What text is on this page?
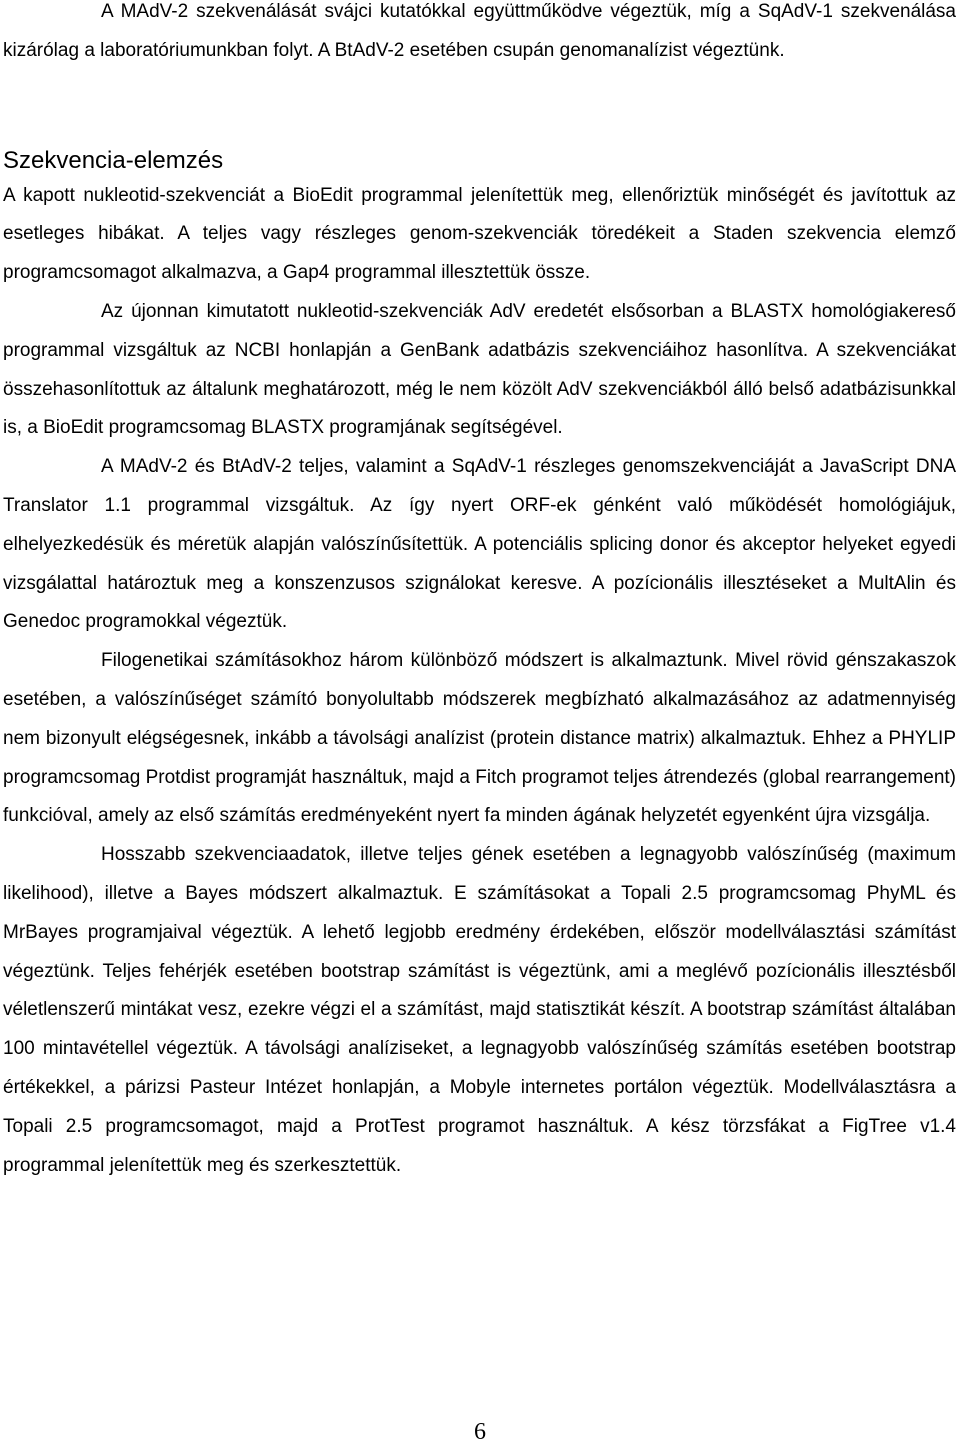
A MAdV-2 szekvenálását svájci kutatókkal együttműködve végeztük, míg a SqAdV-1 szekvenálása kizárólag a laboratóriumunkban folyt. A BtAdV-2 esetében csupán genomanalízist végeztünk.

Szekvencia-elemzés

A kapott nukleotid-szekvenciát a BioEdit programmal jelenítettük meg, ellenőriztük minőségét és javítottuk az esetleges hibákat. A teljes vagy részleges genom-szekvenciák töredékeit a Staden szekvencia elemző programcsomagot alkalmazva, a Gap4 programmal illesztettük össze.

Az újonnan kimutatott nukleotid-szekvenciák AdV eredetét elsősorban a BLASTX homológiakereső programmal vizsgáltuk az NCBI honlapján a GenBank adatbázis szekvenciáihoz hasonlítva. A szekvenciákat összehasonlítottuk az általunk meghatározott, még le nem közölt AdV szekvenciákból álló belső adatbázisunkkal is, a BioEdit programcsomag BLASTX programjának segítségével.

A MAdV-2 és BtAdV-2 teljes, valamint a SqAdV-1 részleges genomszekvenciáját a JavaScript DNA Translator 1.1 programmal vizsgáltuk. Az így nyert ORF-ek génként való működését homológiájuk, elhelyezkedésük és méretük alapján valószínűsítettük. A potenciális splicing donor és akceptor helyeket egyedi vizsgálattal határoztuk meg a konszenzusos szignálokat keresve. A pozícionális illesztéseket a MultAlin és Genedoc programokkal végeztük.

Filogenetikai számításokhoz három különböző módszert is alkalmaztunk. Mivel rövid génszakaszok esetében, a valószínűséget számító bonyolultabb módszerek megbízható alkalmazásához az adatmennyiség nem bizonyult elégségesnek, inkább a távolsági analízist (protein distance matrix) alkalmaztuk. Ehhez a PHYLIP programcsomag Protdist programját használtuk, majd a Fitch programot teljes átrendezés (global rearrangement) funkcióval, amely az első számítás eredményeként nyert fa minden ágának helyzetét egyenként újra vizsgálja.

Hosszabb szekvenciaadatok, illetve teljes gének esetében a legnagyobb valószínűség (maximum likelihood), illetve a Bayes módszert alkalmaztuk. E számításokat a Topali 2.5 programcsomag PhyML és MrBayes programjaival végeztük. A lehető legjobb eredmény érdekében, először modellválasztási számítást végeztünk. Teljes fehérjék esetében bootstrap számítást is végeztünk, ami a meglévő pozícionális illesztésből véletlenszerű mintákat vesz, ezekre végzi el a számítást, majd statisztikát készít. A bootstrap számítást általában 100 mintavétellel végeztük. A távolsági analíziseket, a legnagyobb valószínűség számítás esetében bootstrap értékekkel, a párizsi Pasteur Intézet honlapján, a Mobyle internetes portálon végeztük. Modellválasztásra a Topali 2.5 programcsomagot, majd a ProtTest programot használtuk. A kész törzsfákat a FigTree v1.4 programmal jelenítettük meg és szerkesztettük.

6
